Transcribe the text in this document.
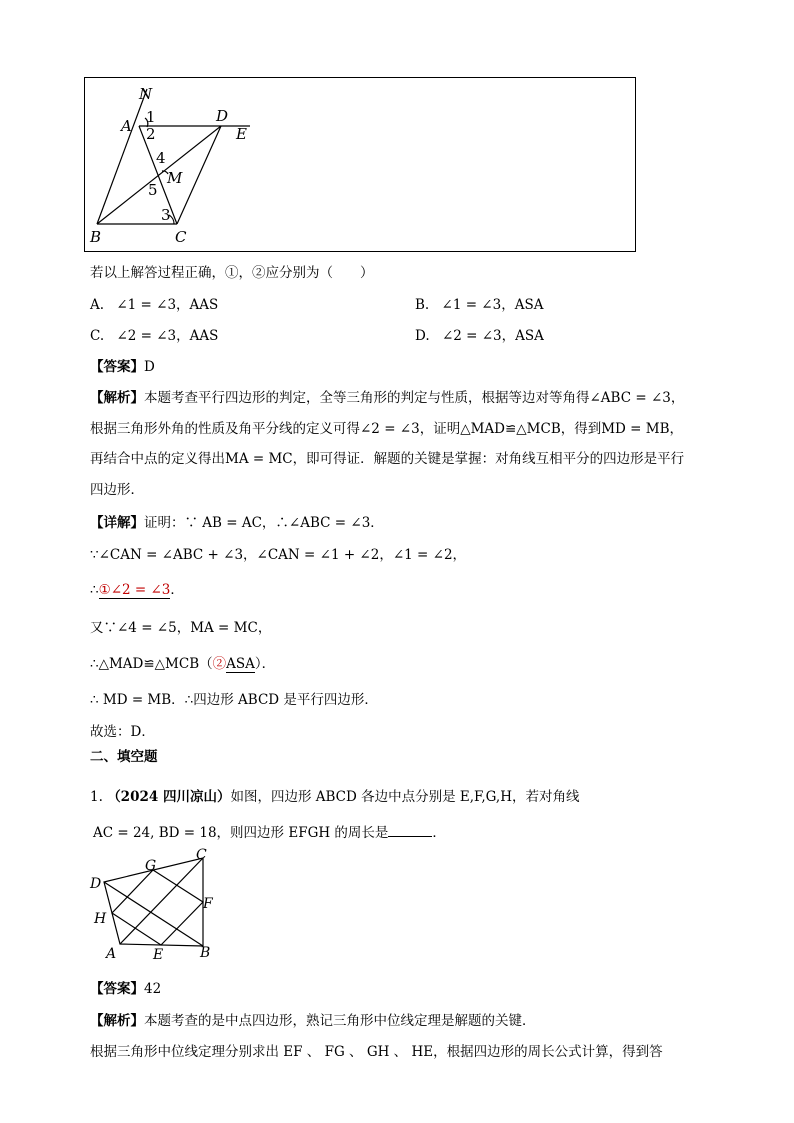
N
A 1
2
D
E
4
M
5
3
B	C
若以上解答过程正确，①，②应分别为（　　）
A. ∠1 = ∠3，AAS	B. ∠1 = ∠3，ASA
C. ∠2 = ∠3，AAS	D. ∠2 = ∠3，ASA
【答案】D
【解析】本题考查平行四边形的判定，全等三角形的判定与性质，根据等边对等角得∠ABC = ∠3，
根据三角形外角的性质及角平分线的定义可得∠2 = ∠3，证明△MAD≌△MCB，得到MD = MB，
再结合中点的定义得出MA = MC，即可得证．解题的关键是掌握：对角线互相平分的四边形是平行
四边形．
【详解】证明：∵ AB = AC，∴∠ABC = ∠3．
∵∠CAN = ∠ABC + ∠3，∠CAN = ∠1 + ∠2，∠1 = ∠2，
∴①∠2 = ∠3．
又∵∠4 = ∠5，MA = MC，
∴△MAD≌△MCB（②ASA）．
∴ MD = MB．∴四边形 ABCD 是平行四边形．
故选：D．
二、填空题
1. （2024 四川凉山）如图，四边形 ABCD 各边中点分别是 E,F,G,H，若对角线
AC = 24, BD = 18，则四边形 EFGH 的周长是	．
C
G
D
H
F
A	E	B
【答案】42
【解析】本题考查的是中点四边形，熟记三角形中位线定理是解题的关键．
根据三角形中位线定理分别求出 EF 、 FG 、 GH 、 HE，根据四边形的周长公式计算，得到答
